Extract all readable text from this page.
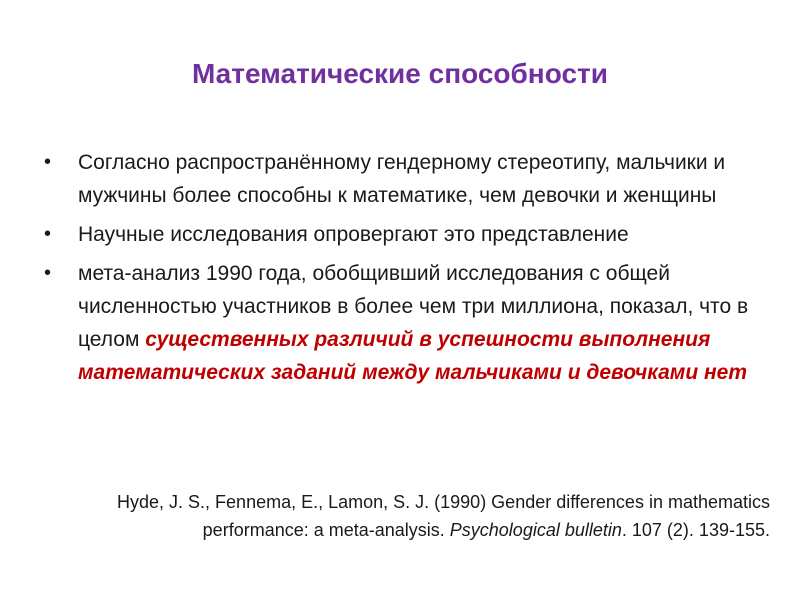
Математические способности
• Согласно распространённому гендерному стереотипу, мальчики и мужчины более способны к математике, чем девочки и женщины
• Научные исследования опровергают это представление
• мета-анализ 1990 года, обобщивший исследования с общей численностью участников в более чем три миллиона, показал, что в целом существенных различий в успешности выполнения математических заданий между мальчиками и девочками нет
Hyde, J. S., Fennema, E., Lamon, S. J. (1990) Gender differences in mathematics
performance: a meta-analysis. Psychological bulletin. 107 (2). 139-155.
